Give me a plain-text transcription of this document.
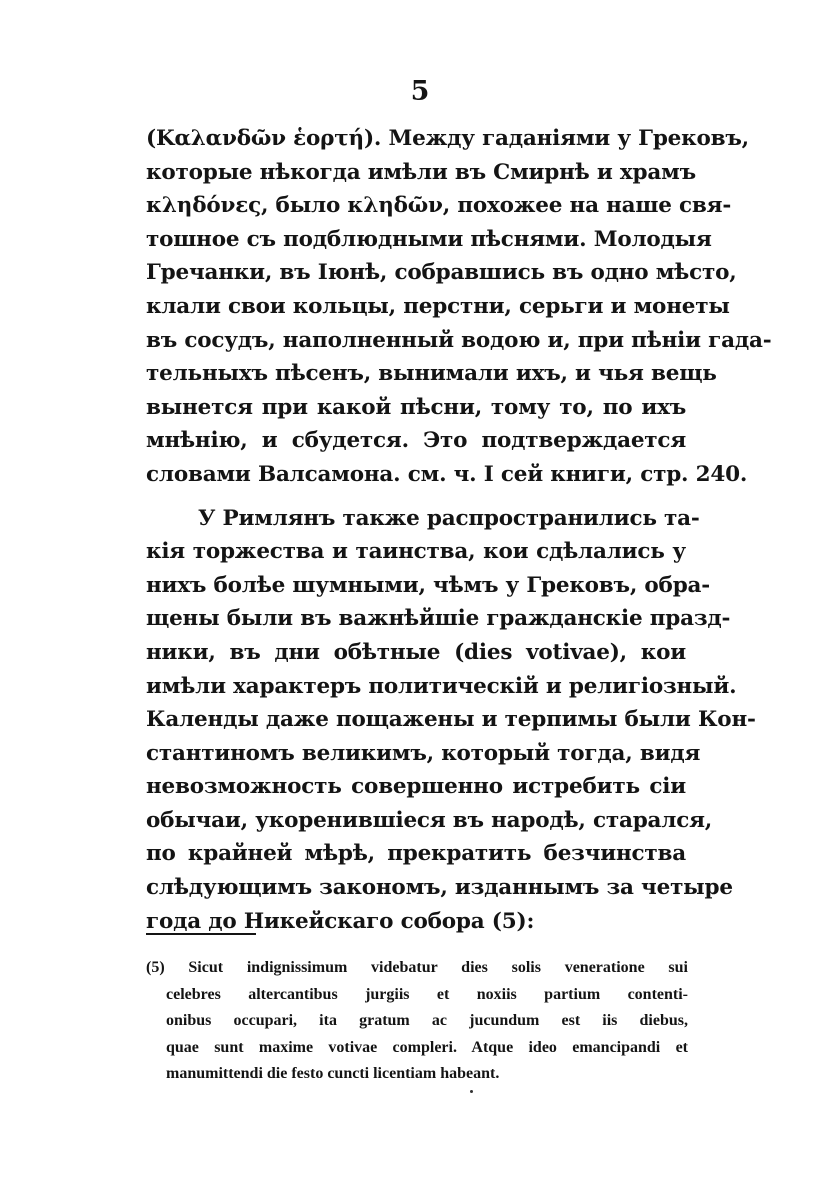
5
(Καλανδῶν ἑορτή). Между гаданіями у Грековъ,
которые нѣкогда имѣли въ Смирнѣ и храмъ
κληδόνες, было κληδῶν, похожее на наше свя-
тошное съ подблюдными пѣснями. Молодыя
Гречанки, въ Іюнѣ, собравшись въ одно мѣсто,
клали свои кольцы, перстни, серьги и монеты
въ сосудъ, наполненный водою и, при пѣніи гада-
тельныхъ пѣсенъ, вынимали ихъ, и чья вещь
вынется при какой пѣсни, тому то, по ихъ
мнѣнію, и сбудется. Это подтверждается
словами Валсамона. см. ч. I сей книги, стр. 240.
У Римлянъ также распространились та-
кія торжества и таинства, кои сдѣлались у
нихъ болѣе шумными, чѣмъ у Грековъ, обра-
щены были въ важнѣйшіе гражданскіе празд-
ники, въ дни обѣтные (dies votivae), кои
имѣли характеръ политическій и религіозный.
Календы даже пощажены и терпимы были Кон-
стантиномъ великимъ, который тогда, видя
невозможность совершенно истребить сіи
обычаи, укоренившіеся въ народѣ, старался,
по крайней мѣрѣ, прекратить безчинства
слѣдующимъ закономъ, изданнымъ за четыре
года до Никейскаго собора (5):
(5) Sicut indignissimum videbatur dies solis veneratione sui
celebres altercantibus jurgiis et noxiis partium contenti-
onibus occupari, ita gratum ac jucundum est iis diebus,
quae sunt maxime votivae compleri. Atque ideo emancipandi et
manumittendi die festo cuncti licentiam habeant.
